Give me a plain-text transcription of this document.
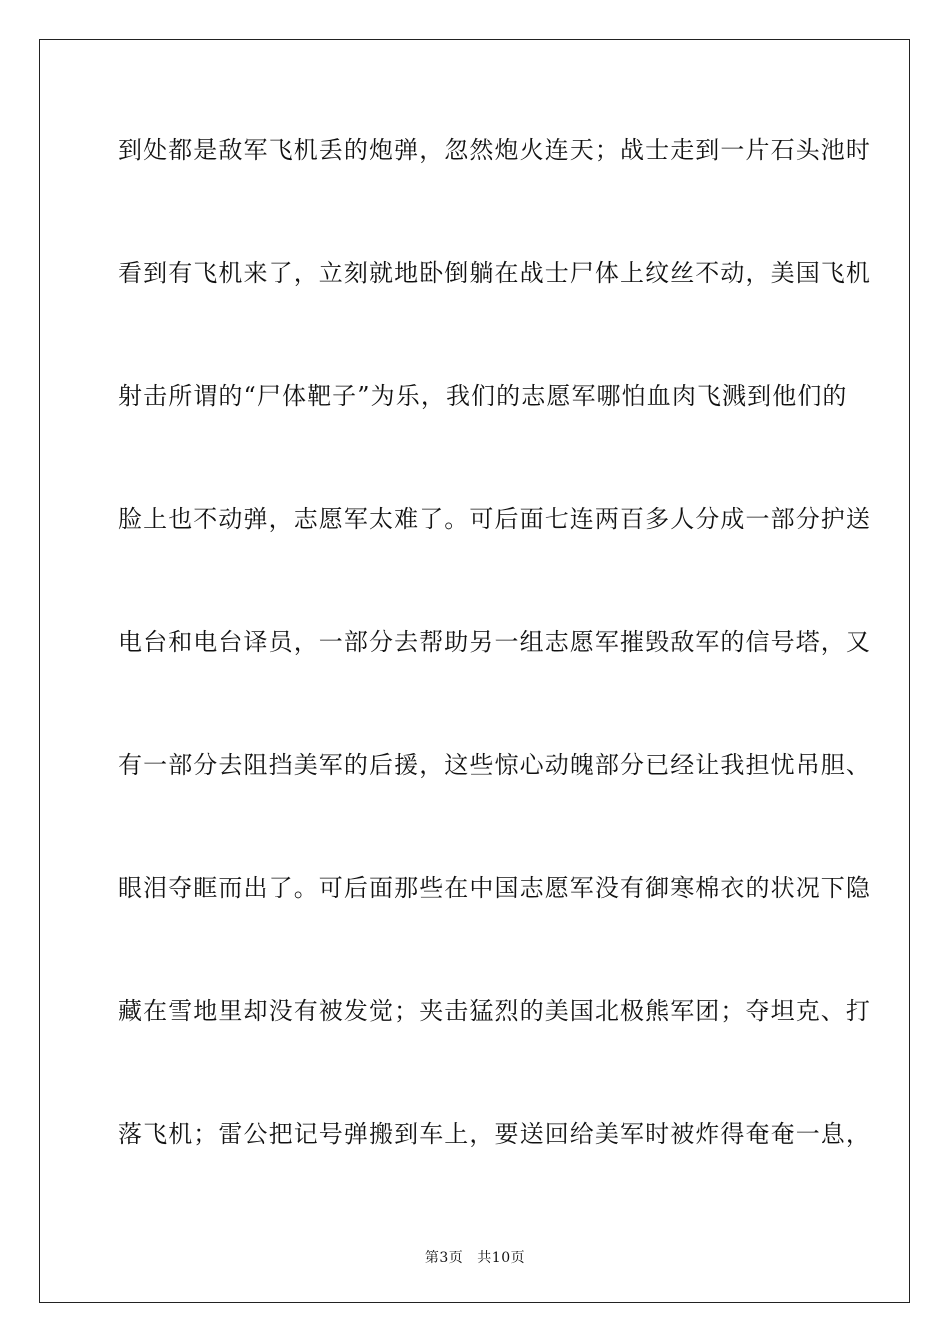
到处都是敌军飞机丢的炮弹，忽然炮火连天；战士走到一片石头池时
看到有飞机来了，立刻就地卧倒躺在战士尸体上纹丝不动，美国飞机
射击所谓的“尸体靶子”为乐，我们的志愿军哪怕血肉飞溅到他们的
脸上也不动弹，志愿军太难了。可后面七连两百多人分成一部分护送
电台和电台译员，一部分去帮助另一组志愿军摧毁敌军的信号塔，又
有一部分去阻挡美军的后援，这些惊心动魄部分已经让我担忧吊胆、
眼泪夺眶而出了。可后面那些在中国志愿军没有御寒棉衣的状况下隐
藏在雪地里却没有被发觉；夹击猛烈的美国北极熊军团；夺坦克、打
落飞机；雷公把记号弹搬到车上，要送回给美军时被炸得奄奄一息，
第3页 共10页
